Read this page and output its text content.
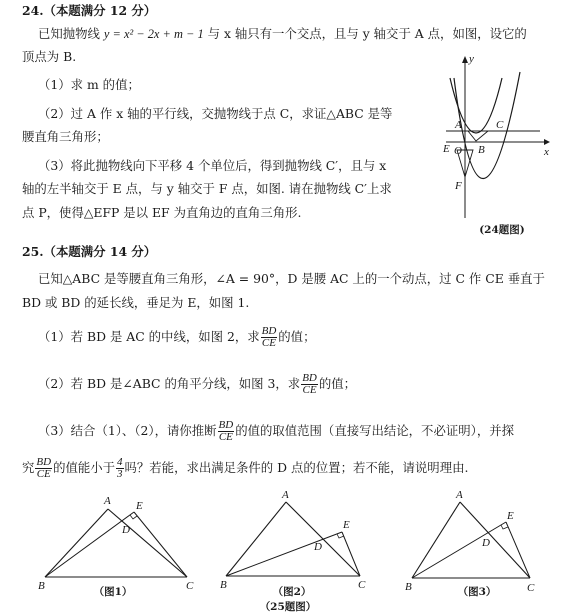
24.（本题满分 12 分）
已知抛物线 y = x² − 2x + m − 1 与 x 轴只有一个交点，且与 y 轴交于 A 点，如图，设它的
顶点为 B.
（1）求 m 的值；
（2）过 A 作 x 轴的平行线，交抛物线于点 C，求证△ABC 是等
腰直角三角形；
（3）将此抛物线向下平移 4 个单位后，得到抛物线 C′，且与 x
轴的左半轴交于 E 点，与 y 轴交于 F 点，如图. 请在抛物线 C′上求
点 P，使得△EFP 是以 EF 为直角边的直角三角形.
y
x
O
A
B
C
E
F
(24题图)
25.（本题满分 14 分）
已知△ABC 是等腰直角三角形，∠A = 90°，D 是腰 AC 上的一个动点，过 C 作 CE 垂直于
BD 或 BD 的延长线，垂足为 E，如图 1.
（1）若 BD 是 AC 的中线，如图 2，求 $\frac{BD}{CE}$ 的值；
（2）若 BD 是∠ABC 的角平分线，如图 3，求 $\frac{BD}{CE}$ 的值；
（3）结合（1）、（2），请你推断 $\frac{BD}{CE}$ 的值的取值范围（直接写出结论，不必证明），并探
究 $\frac{BD}{CE}$ 的值能小于 $\frac{4}{3}$ 吗？若能，求出满足条件的 D 点的位置；若不能，请说明理由.
A E
D
B	C
（图1）
A
E
D
B	C
（图2）
A
E
D
B	C
（图3）
（25题图）
